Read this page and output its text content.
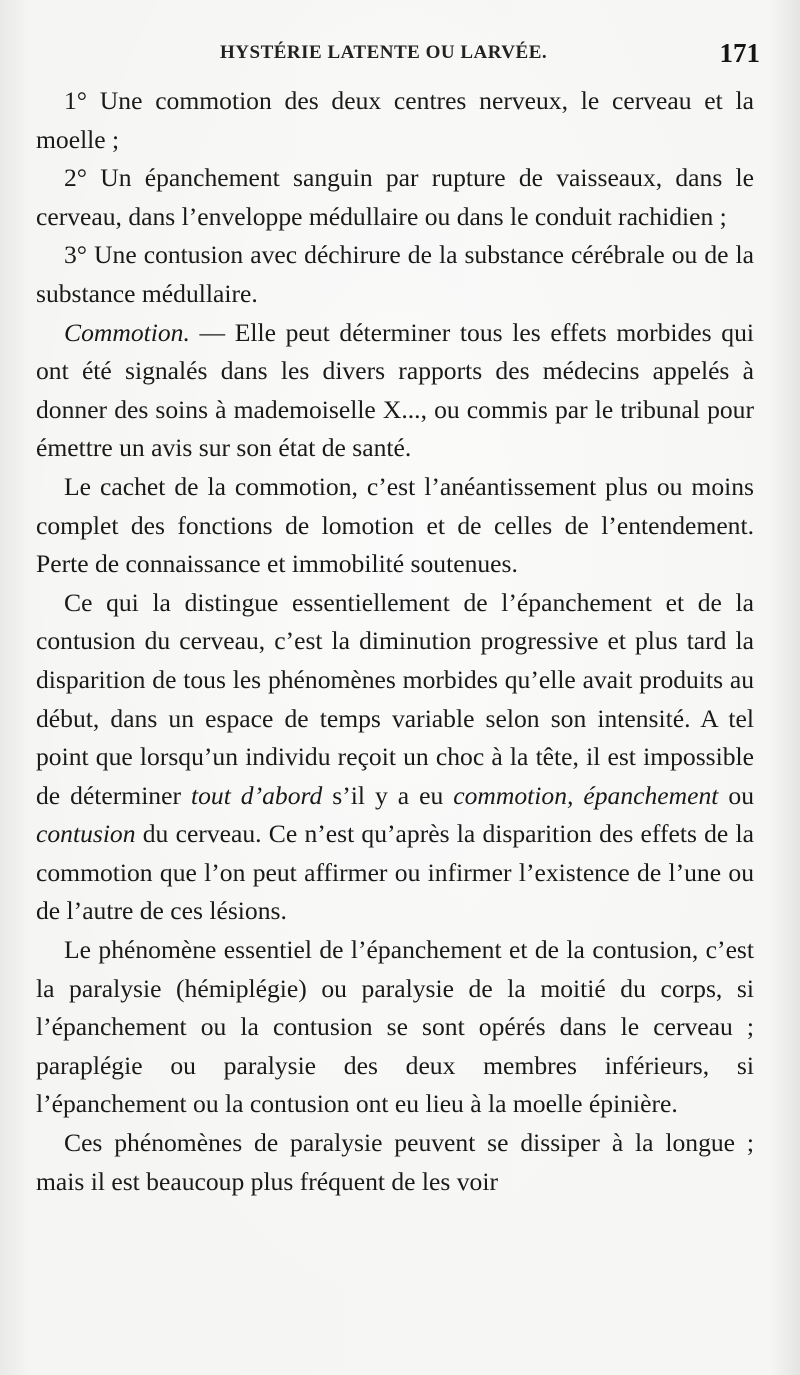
HYSTÉRIE LATENTE OU LARVÉE.	171

1° Une commotion des deux centres nerveux, le cerveau et la moelle ;

2° Un épanchement sanguin par rupture de vaisseaux, dans le cerveau, dans l’enveloppe médullaire ou dans le conduit rachidien ;

3° Une contusion avec déchirure de la substance cérébrale ou de la substance médullaire.

Commotion. — Elle peut déterminer tous les effets morbides qui ont été signalés dans les divers rapports des médecins appelés à donner des soins à mademoiselle X..., ou commis par le tribunal pour émettre un avis sur son état de santé.

Le cachet de la commotion, c’est l’anéantissement plus ou moins complet des fonctions de lomotion et de celles de l’entendement. Perte de connaissance et immobilité soutenues.

Ce qui la distingue essentiellement de l’épanchement et de la contusion du cerveau, c’est la diminution progressive et plus tard la disparition de tous les phénomènes morbides qu’elle avait produits au début, dans un espace de temps variable selon son intensité. A tel point que lorsqu’un individu reçoit un choc à la tête, il est impossible de déterminer tout d’abord s’il y a eu commotion, épanchement ou contusion du cerveau. Ce n’est qu’après la disparition des effets de la commotion que l’on peut affirmer ou infirmer l’existence de l’une ou de l’autre de ces lésions.

Le phénomène essentiel de l’épanchement et de la contusion, c’est la paralysie (hémiplégie) ou paralysie de la moitié du corps, si l’épanchement ou la contusion se sont opérés dans le cerveau ; paraplégie ou paralysie des deux membres inférieurs, si l’épanchement ou la contusion ont eu lieu à la moelle épinière.

Ces phénomènes de paralysie peuvent se dissiper à la longue ; mais il est beaucoup plus fréquent de les voir
